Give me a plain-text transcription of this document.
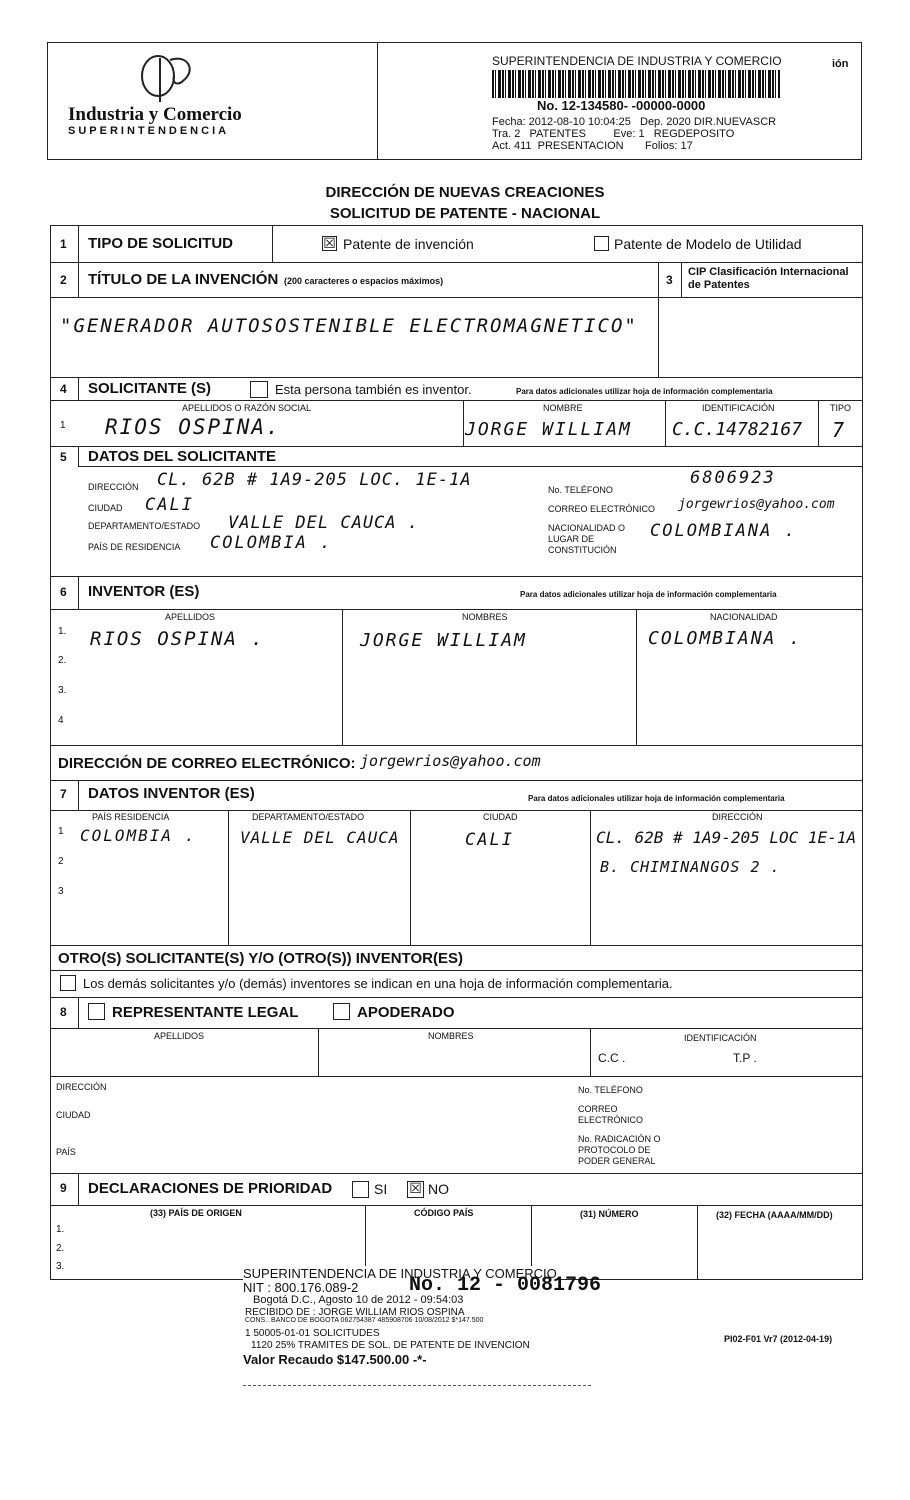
Industria y Comercio
SUPERINTENDENCIA
SUPERINTENDENCIA DE INDUSTRIA Y COMERCIO	ión
No. 12-134580- -00000-0000
Fecha: 2012-08-10 10:04:25   Dep. 2020 DIR.NUEVASCR
Tra. 2   PATENTES         Eve: 1   REGDEPOSITO
Act. 411  PRESENTACION       Folios: 17
DIRECCIÓN DE NUEVAS CREACIONES
SOLICITUD DE PATENTE - NACIONAL
1 TIPO DE SOLICITUD	☒ Patente de invención	Patente de Modelo de Utilidad
2 TÍTULO DE LA INVENCIÓN (200 caracteres o espacios máximos)	3
CIP Clasificación Internacional de Patentes
"GENERADOR AUTOSOSTENIBLE ELECTROMAGNETICO"
4 SOLICITANTE (S)	Esta persona también es inventor.	Para datos adicionales utilizar hoja de información complementaria
APELLIDOS O RAZÓN SOCIAL	NOMBRE	IDENTIFICACIÓN	TIPO
1 RIOS OSPINA.	JORGE WILLIAM C.C.14782167 7
5 DATOS DEL SOLICITANTE
DIRECCIÓN CL. 62B # 1A9-205 LOC. 1E-1A
CIUDAD CALI
DEPARTAMENTO/ESTADO VALLE DEL CAUCA .
PAÍS DE RESIDENCIA COLOMBIA .
No. TELÉFONO
6806923
CORREO ELECTRÓNICO jorgewrios@yahoo.com
NACIONALIDAD O LUGAR DE CONSTITUCIÓN
COLOMBIANA .
6 INVENTOR (ES)	Para datos adicionales utilizar hoja de información complementaria
APELLIDOS	NOMBRES	NACIONALIDAD
1.
2.
3.
4
RIOS OSPINA .	JORGE WILLIAM	COLOMBIANA .
DIRECCIÓN DE CORREO ELECTRÓNICO: jorgewrios@yahoo.com
7 DATOS INVENTOR (ES)	Para datos adicionales utilizar hoja de información complementaria
PAÍS RESIDENCIA	DEPARTAMENTO/ESTADO	CIUDAD	DIRECCIÓN
1
2
3
COLOMBIA .	VALLE DEL CAUCA	CALI	CL. 62B # 1A9-205 LOC 1E-1A
B. CHIMINANGOS 2 .
OTRO(S) SOLICITANTE(S) Y/O (OTRO(S)) INVENTOR(ES)
Los demás solicitantes y/o (demás) inventores se indican en una hoja de información complementaria.
8	REPRESENTANTE LEGAL	APODERADO
APELLIDOS	NOMBRES	IDENTIFICACIÓN
C.C .	T.P .
DIRECCIÓN
CIUDAD
PAÍS
No. TELÉFONO
CORREO ELECTRÓNICO
No. RADICACIÓN O PROTOCOLO DE PODER GENERAL
9 DECLARACIONES DE PRIORIDAD	SI ☒ NO
(33) PAÍS DE ORIGEN	CÓDIGO PAÍS	(31) NÚMERO	(32) FECHA (AAAA/MM/DD)
1.
2.
3.	SUPERINTENDENCIA DE INDUSTRIA Y COMERCIO
NIT : 800.176.089-2	No. 12 - 0081796
Bogotá D.C., Agosto 10 de 2012 - 09:54:03
RECIBIDO DE : JORGE WILLIAM RIOS OSPINA
CONS.. BANCO DE BOGOTA 062754387 485908706 10/08/2012 $*147.500
1 50005-01-01 SOLICITUDES
1120 25% TRAMITES DE SOL. DE PATENTE DE INVENCION
Valor Recaudo $147.500.00 -*-
PI02-F01 Vr7 (2012-04-19)
